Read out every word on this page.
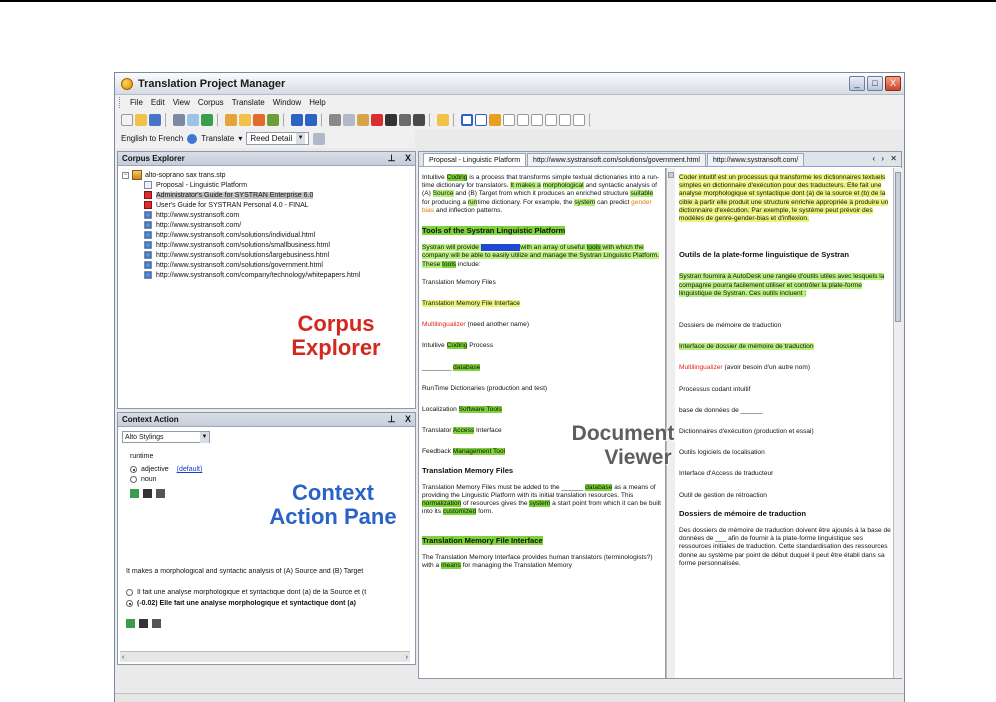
Translation Project Manager	_	□	X
File	Edit	View	Corpus	Translate	Window	Help
English to French Translate ▾ Reed Detail ▼
Corpus Explorer	⊥ X
−	alto-soprano sax trans.stp
Proposal - Linguistic Platform
Administrator's Guide for SYSTRAN Enterprise 6.0
User's Guide for SYSTRAN Personal 4.0 - FINAL
http://www.systransoft.com
http://www.systransoft.com/
http://www.systransoft.com/solutions/individual.html
http://www.systransoft.com/solutions/smallbusiness.html
http://www.systransoft.com/solutions/largebusiness.html
http://www.systransoft.com/solutions/government.html
http://www.systransoft.com/company/technology/whitepapers.html
Corpus
Explorer
Context Action	⊥ X
Alto Stylings	▼
runtime
adjective (default)
noun
It makes a morphological and syntactic analysis of (A) Source and (B) Target
Il fait une analyse morphologique et syntactique dont (a) de la Source et (t
(-0.02) Elle fait une analyse morphologique et syntactique dont (a)
Context
Action Pane
‹	›
Proposal - Linguistic Platform	http://www.systransoft.com/solutions/government.html	http://www.systransoft.com/	‹ › ✕
Intuitive Coding is a process that transforms simple textual dictionaries into a run-time dictionary for translators. It makes a morphological and syntactic analysis of (A) Source and (B) Target from which it produces an enriched structure suitable for producing a runtime dictionary. For example, the system can predict gender bias and inflection patterns.
Tools of the Systran Linguistic Platform
Systran will provide XXXXXXXXXwith an array of useful tools with which the company will be able to easily utilize and manage the Systran Linguistic Platform. These tools include:
Translation Memory Files
Translation Memory File Interface
Multilingualizer (need another name)
Intuitive Coding Process
________ database
RunTime Dictionaries (production and test)
Localization Software Tools
Translator Access Interface
Feedback Management Tool
Translation Memory Files
Translation Memory Files must be added to the ______ database as a means of providing the Linguistic Platform with its initial translation resources. This normalization of resources gives the system a start point from which it can be built into its customized form.
Translation Memory File Interface
The Translation Memory Interface provides human translators (terminologists?) with a means for managing the Translation Memory
Coder intuitif est un processus qui transforme les dictionnaires textuels simples en dictionnaire d'exécution pour des traducteurs. Elle fait une analyse morphologique et syntactique dont (a) de la source et (b) de la cible à partir elle produit une structure enrichie appropriée à produire un dictionnaire d'exécution. Par exemple, le système peut prévoir des modèles de genre-gender-bias et d'inflexion.
Outils de la plate-forme linguistique de Systran
Systran fournira à AutoDesk une rangée d'outils utiles avec lesquels la compagnie pourra facilement utiliser et contrôler la plate-forme linguistique de Systran. Ces outils incluent :
Dossiers de mémoire de traduction
Interface de dossier de mémoire de traduction
Multilingualizer (avoir besoin d'un autre nom)
Processus codant intuitif
base de données de ______
Dictionnaires d'exécution (production et essai)
Outils logiciels de localisation
Interface d'Access de traducteur
Outil de gestion de rétroaction
Dossiers de mémoire de traduction
Des dossiers de mémoire de traduction doivent être ajoutés à la base de données de ___ afin de fournir à la plate-forme linguistique ses ressources initiales de traduction. Cette standardisation des ressources donne au système par point de début duquel il peut être établi dans sa forme personnalisée.
Document
Viewer
